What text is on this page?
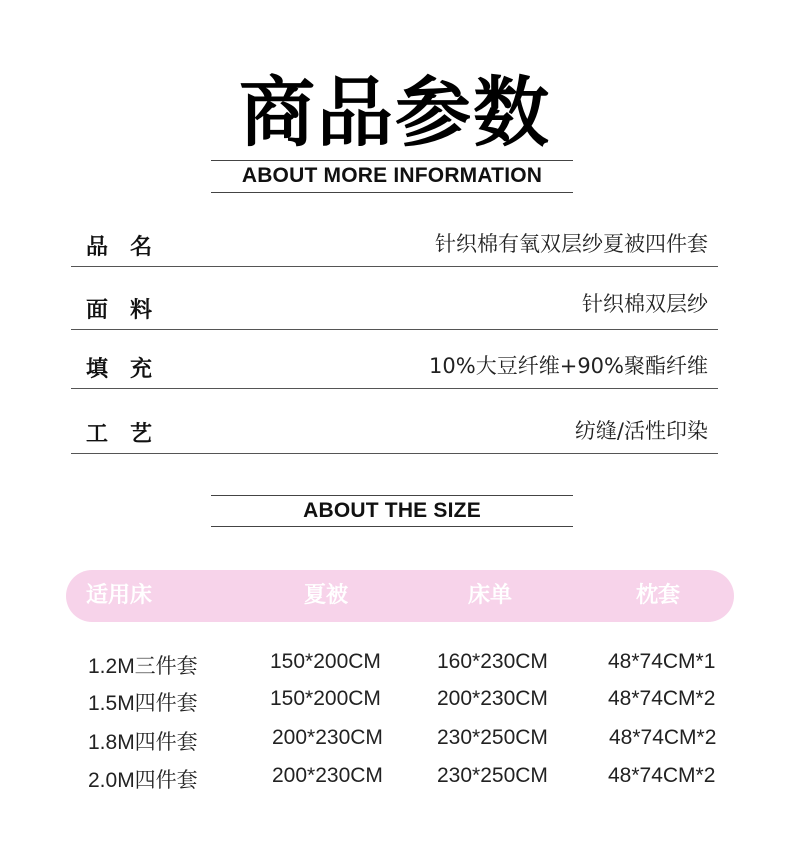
商品参数
ABOUT MORE INFORMATION
品名	针织棉有氧双层纱夏被四件套
面料	针织棉双层纱
填充	10%大豆纤维+90%聚酯纤维
工艺	纺缝/活性印染
ABOUT THE SIZE
适用床	夏被	床单	枕套
1.2M三件套	150*200CM	160*230CM	48*74CM*1
1.5M四件套	150*200CM	200*230CM	48*74CM*2
1.8M四件套	200*230CM	230*250CM	48*74CM*2
2.0M四件套	200*230CM	230*250CM	48*74CM*2
